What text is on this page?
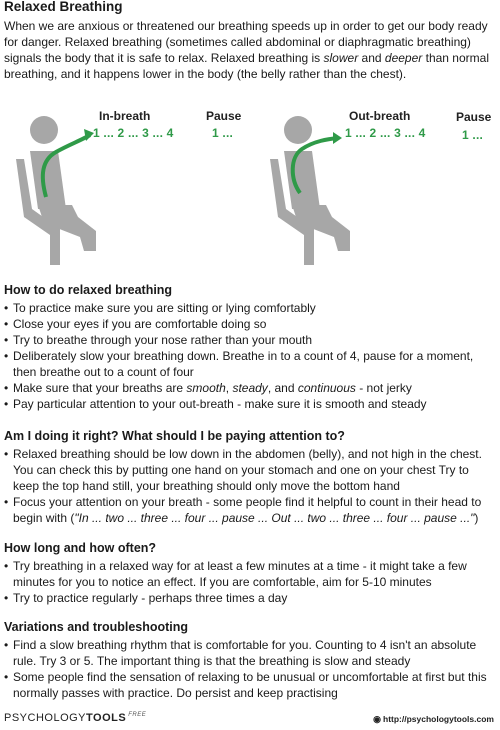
Relaxed Breathing
When we are anxious or threatened our breathing speeds up in order to get our body ready for danger. Relaxed breathing (sometimes called abdominal or diaphragmatic breathing) signals the body that it is safe to relax. Relaxed breathing is slower and deeper than normal breathing, and it happens lower in the body (the belly rather than the chest).
In-breath
1 ... 2 ... 3 ... 4
Pause
1 ...
Out-breath
1 ... 2 ... 3 ... 4
Pause
1 ...
How to do relaxed breathing
• To practice make sure you are sitting or lying comfortably
• Close your eyes if you are comfortable doing so
• Try to breathe through your nose rather than your mouth
• Deliberately slow your breathing down. Breathe in to a count of 4, pause for a moment, then breathe out to a count of four
• Make sure that your breaths are smooth, steady, and continuous - not jerky
• Pay particular attention to your out-breath - make sure it is smooth and steady
Am I doing it right? What should I be paying attention to?
• Relaxed breathing should be low down in the abdomen (belly), and not high in the chest. You can check this by putting one hand on your stomach and one on your chest Try to keep the top hand still, your breathing should only move the bottom hand
• Focus your attention on your breath - some people find it helpful to count in their head to begin with ("In ... two ... three ... four ... pause ... Out ... two ... three ... four ... pause ...")
How long and how often?
• Try breathing in a relaxed way for at least a few minutes at a time - it might take a few minutes for you to notice an effect. If you are comfortable, aim for 5-10 minutes
• Try to practice regularly - perhaps three times a day
Variations and troubleshooting
• Find a slow breathing rhythm that is comfortable for you. Counting to 4 isn't an absolute rule. Try 3 or 5. The important thing is that the breathing is slow and steady
• Some people find the sensation of relaxing to be unusual or uncomfortable at first but this normally passes with practice. Do persist and keep practising
PSYCHOLOGYTOOLS $^{FREE}$	◉ http://psychologytools.com
